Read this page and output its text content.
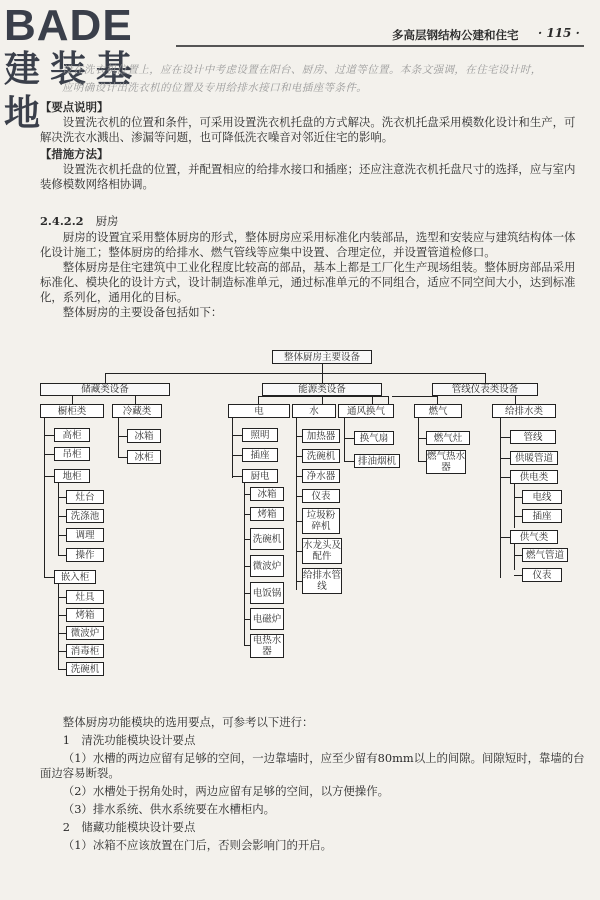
BADE
建装基地
多高层钢结构公建和住宅 · 115 ·
设在洗衣机位置上，应在设计中考虑设置在阳台、厨房、过道等位置。本条文强调，在住宅设计时，
应明确设计出洗衣机的位置及专用给排水接口和电插座等条件。

【要点说明】

设置洗衣机的位置和条件，可采用设置洗衣机托盘的方式解决。洗衣机托盘采用模数化设计和生产，可解决洗衣水溅出、渗漏等问题，也可降低洗衣噪音对邻近住宅的影响。

【措施方法】

设置洗衣机托盘的位置，并配置相应的给排水接口和插座；还应注意洗衣机托盘尺寸的选择，应与室内装修模数网络相协调。

2.4.2.2 厨房

厨房的设置宜采用整体厨房的形式，整体厨房应采用标准化内装部品，选型和安装应与建筑结构体一体化设计施工；整体厨房的给排水、燃气管线等应集中设置、合理定位，并设置管道检修口。

整体厨房是住宅建筑中工业化程度比较高的部品，基本上都是工厂化生产现场组装。整体厨房部品采用标准化、模块化的设计方式，设计制造标准单元，通过标准单元的不同组合，适应不同空间大小，达到标准化，系列化，通用化的目标。

整体厨房的主要设备包括如下：

整体厨房主要设备
储藏类设备	能源类设备	管线仪表类设备
橱柜类	冷藏类
高柜
吊柜
地柜
灶台
洗涤池
调理
操作
嵌入柜
灶具
烤箱
微波炉
消毒柜
洗碗机
冰箱
冰柜
电	水	通风换气	燃气
照明
插座
厨电
冰箱
烤箱
洗碗机
微波炉
电饭锅
电磁炉
电热水器
加热器
洗碗机
净水器
仪表
垃圾粉碎机
水龙头及配件
给排水管线
换气扇
排油烟机
燃气灶
燃气热水器
给排水类
管线
供暖管道
供电类
电线
插座
供气类
燃气管道
仪表

整体厨房功能模块的选用要点，可参考以下进行：

1　清洗功能模块设计要点

（1）水槽的两边应留有足够的空间，一边靠墙时，应至少留有80mm以上的间隙。间隙短时，靠墙的台面边容易断裂。

（2）水槽处于拐角处时，两边应留有足够的空间，以方便操作。

（3）排水系统、供水系统要在水槽柜内。

2　储藏功能模块设计要点

（1）冰箱不应该放置在门后，否则会影响门的开启。
